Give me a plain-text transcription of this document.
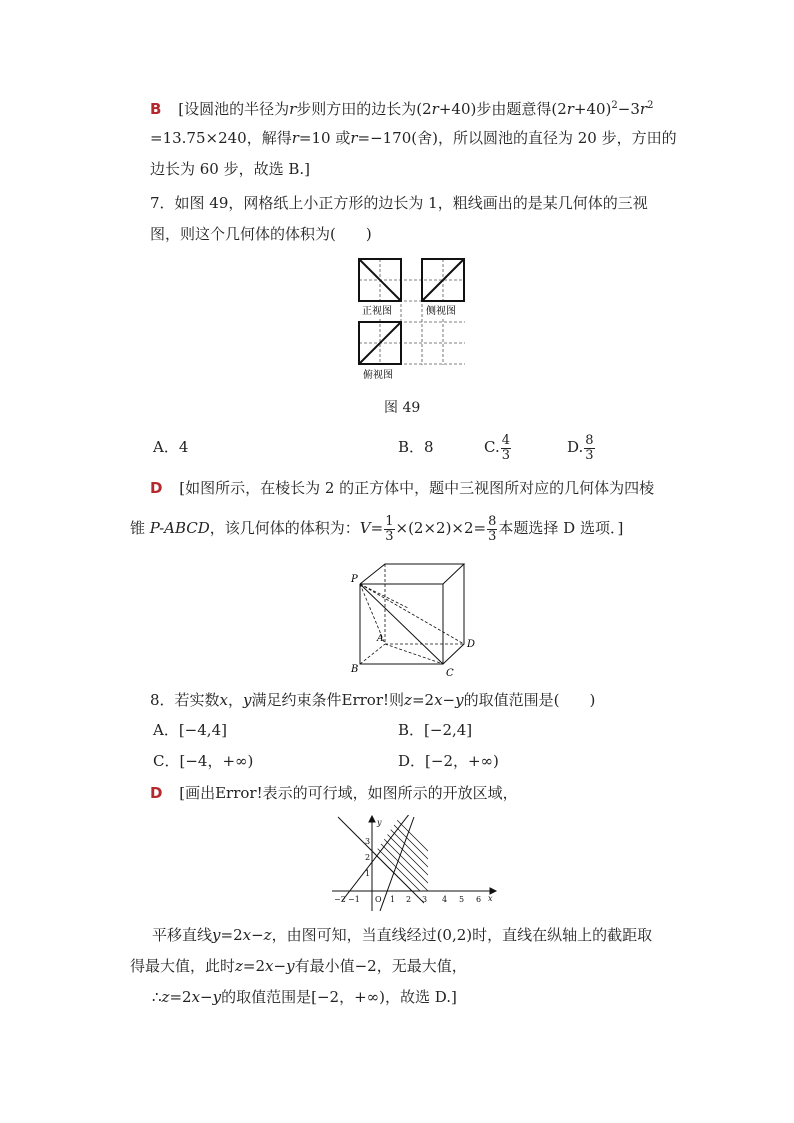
B [设圆池的半径为r步则方田的边长为(2r+40)步由题意得$(2r+40)^2-3r^2$
=13.75×240，解得r=10 或r=−170(舍)，所以圆池的直径为 20 步，方田的
边长为 60 步，故选 B.]
7．如图 49，网格纸上小正方形的边长为 1，粗线画出的是某几何体的三视
图，则这个几何体的体积为(　　)
正视图	侧视图
俯视图
图 49
A．4	B．8	C. $\frac{4}{3}$	D. $\frac{8}{3}$
D [如图所示，在棱长为 2 的正方体中，题中三视图所对应的几何体为四棱
锥 P-ABCD，该几何体的体积为：$V= \frac{1}{3} \times(2\times 2)\times 2= \frac{8}{3}$ 本题选择 D 选项．]
P
A
B	C
D
8．若实数x，y满足约束条件Error!则z=2x−y的取值范围是(　　)
A．[−4,4]	B．[−2,4]
C．[−4，+∞)	D．[−2，+∞)
D [画出Error!表示的可行域，如图所示的开放区域，
−2 −1 O 1 2 3 4 5 6
1
2
3
x
y
平移直线y=2x−z，由图可知，当直线经过(0,2)时，直线在纵轴上的截距取
得最大值，此时z=2x−y有最小值−2，无最大值，
∴z=2x−y的取值范围是[−2，+∞)，故选 D.]
